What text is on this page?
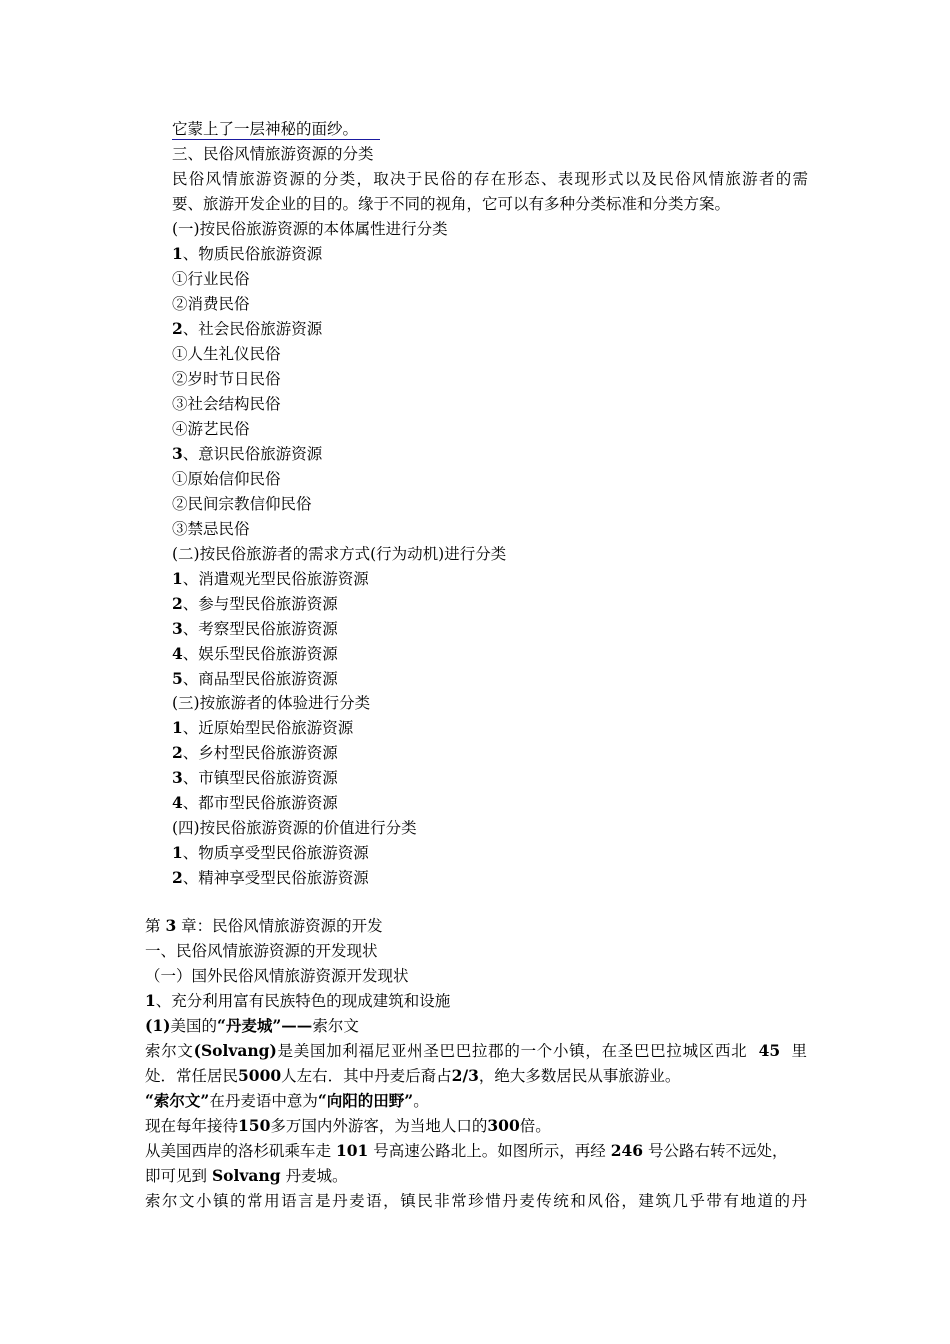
它蒙上了一层神秘的面纱。
三、民俗风情旅游资源的分类
民俗风情旅游资源的分类，取决于民俗的存在形态、表现形式以及民俗风情旅游者的需
要、旅游开发企业的目的。缘于不同的视角，它可以有多种分类标准和分类方案。
(一)按民俗旅游资源的本体属性进行分类
1、物质民俗旅游资源
①行业民俗
②消费民俗
2、社会民俗旅游资源
①人生礼仪民俗
②岁时节日民俗
③社会结构民俗
④游艺民俗
3、意识民俗旅游资源
①原始信仰民俗
②民间宗教信仰民俗
③禁忌民俗
(二)按民俗旅游者的需求方式(行为动机)进行分类
1、消遣观光型民俗旅游资源
2、参与型民俗旅游资源
3、考察型民俗旅游资源
4、娱乐型民俗旅游资源
5、商品型民俗旅游资源
(三)按旅游者的体验进行分类
1、近原始型民俗旅游资源
2、乡村型民俗旅游资源
3、市镇型民俗旅游资源
4、都市型民俗旅游资源
(四)按民俗旅游资源的价值进行分类
1、物质享受型民俗旅游资源
2、精神享受型民俗旅游资源
第 3 章：民俗风情旅游资源的开发
一、民俗风情旅游资源的开发现状
（一）国外民俗风情旅游资源开发现状
1、充分利用富有民族特色的现成建筑和设施
(1)美国的“丹麦城”——索尔文
索尔文(Solvang)是美国加利福尼亚州圣巴巴拉郡的一个小镇，在圣巴巴拉城区西北 45 里
处．常任居民5000人左右．其中丹麦后裔占2/3，绝大多数居民从事旅游业。
“索尔文”在丹麦语中意为“向阳的田野”。
现在每年接待150多万国内外游客，为当地人口的300倍。
从美国西岸的洛杉矶乘车走 101 号高速公路北上。如图所示，再经 246 号公路右转不远处，
即可见到 Solvang 丹麦城。
索尔文小镇的常用语言是丹麦语，镇民非常珍惜丹麦传统和风俗，建筑几乎带有地道的丹
